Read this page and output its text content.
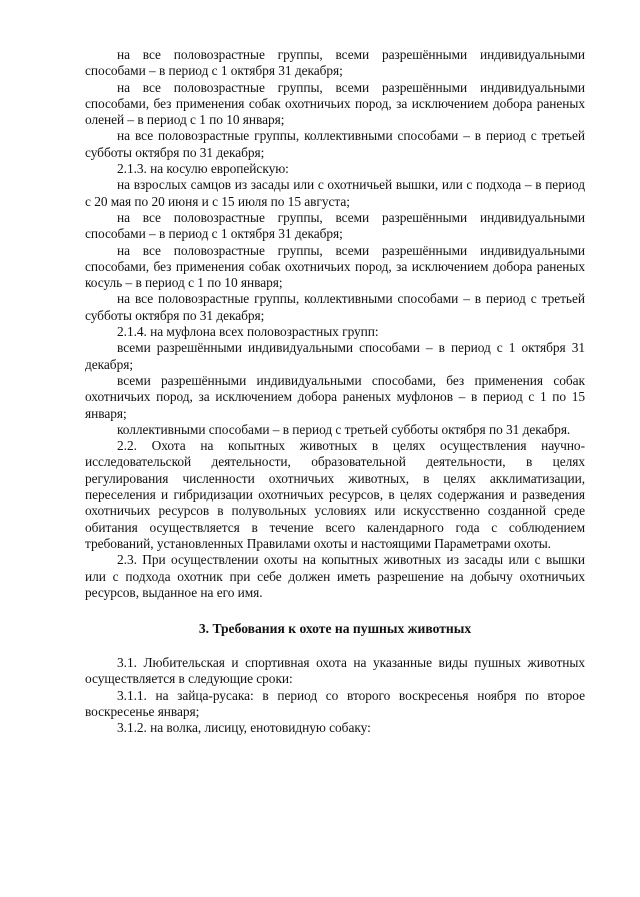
на все половозрастные группы, всеми разрешёнными индивидуальными способами – в период с 1 октября 31 декабря;

на все половозрастные группы, всеми разрешёнными индивидуальными способами, без применения собак охотничьих пород, за исключением добора раненых оленей – в период с 1 по 10 января;

на все половозрастные группы, коллективными способами – в период с третьей субботы октября по 31 декабря;

2.1.3. на косулю европейскую:

на взрослых самцов из засады или с охотничьей вышки, или с подхода – в период с 20 мая по 20 июня и с 15 июля по 15 августа;

на все половозрастные группы, всеми разрешёнными индивидуальными способами – в период с 1 октября 31 декабря;

на все половозрастные группы, всеми разрешёнными индивидуальными способами, без применения собак охотничьих пород, за исключением добора раненых косуль – в период с 1 по 10 января;

на все половозрастные группы, коллективными способами – в период с третьей субботы октября по 31 декабря;

2.1.4. на муфлона всех половозрастных групп:

всеми разрешёнными индивидуальными способами – в период с 1 октября 31 декабря;

всеми разрешёнными индивидуальными способами, без применения собак охотничьих пород, за исключением добора раненых муфлонов – в период с 1 по 15 января;

коллективными способами – в период с третьей субботы октября по 31 декабря.

2.2. Охота на копытных животных в целях осуществления научно-исследовательской деятельности, образовательной деятельности, в целях регулирования численности охотничьих животных, в целях акклиматизации, переселения и гибридизации охотничьих ресурсов, в целях содержания и разведения охотничьих ресурсов в полувольных условиях или искусственно созданной среде обитания осуществляется в течение всего календарного года с соблюдением требований, установленных Правилами охоты и настоящими Параметрами охоты.

2.3. При осуществлении охоты на копытных животных из засады или с вышки или с подхода охотник при себе должен иметь разрешение на добычу охотничьих ресурсов, выданное на его имя.

3. Требования к охоте на пушных животных

3.1. Любительская и спортивная охота на указанные виды пушных животных осуществляется в следующие сроки:

3.1.1. на зайца-русака: в период со второго воскресенья ноября по второе воскресенье января;

3.1.2. на волка, лисицу, енотовидную собаку:
